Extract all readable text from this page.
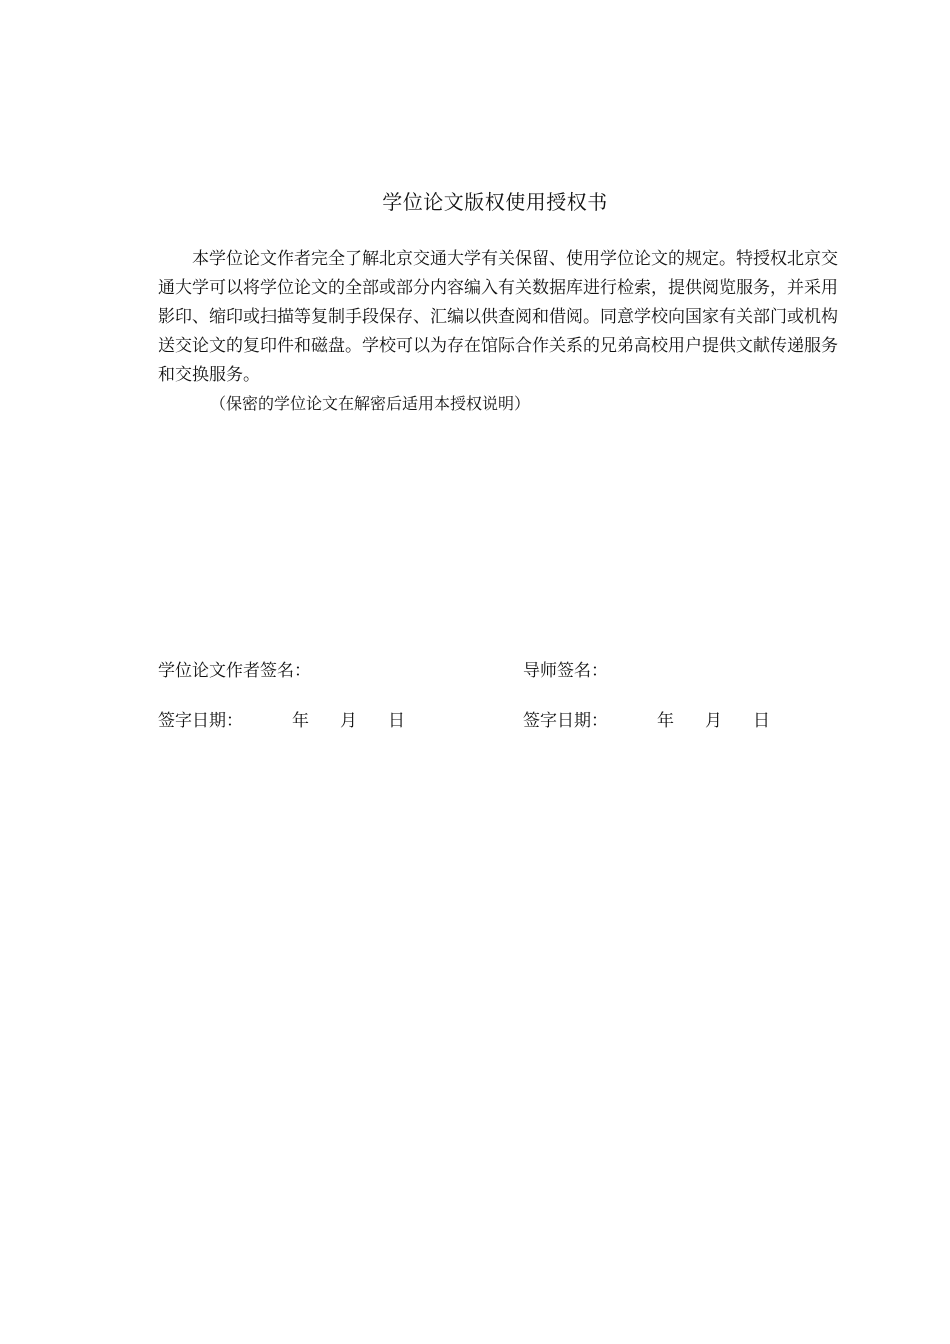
学位论文版权使用授权书

本学位论文作者完全了解北京交通大学有关保留、使用学位论文的规定。特授权北京交通大学可以将学位论文的全部或部分内容编入有关数据库进行检索，提供阅览服务，并采用影印、缩印或扫描等复制手段保存、汇编以供查阅和借阅。同意学校向国家有关部门或机构送交论文的复印件和磁盘。学校可以为存在馆际合作关系的兄弟高校用户提供文献传递服务和交换服务。

（保密的学位论文在解密后适用本授权说明）

学位论文作者签名：	导师签名：
签字日期：	年 月 日	签字日期：	年 月 日
